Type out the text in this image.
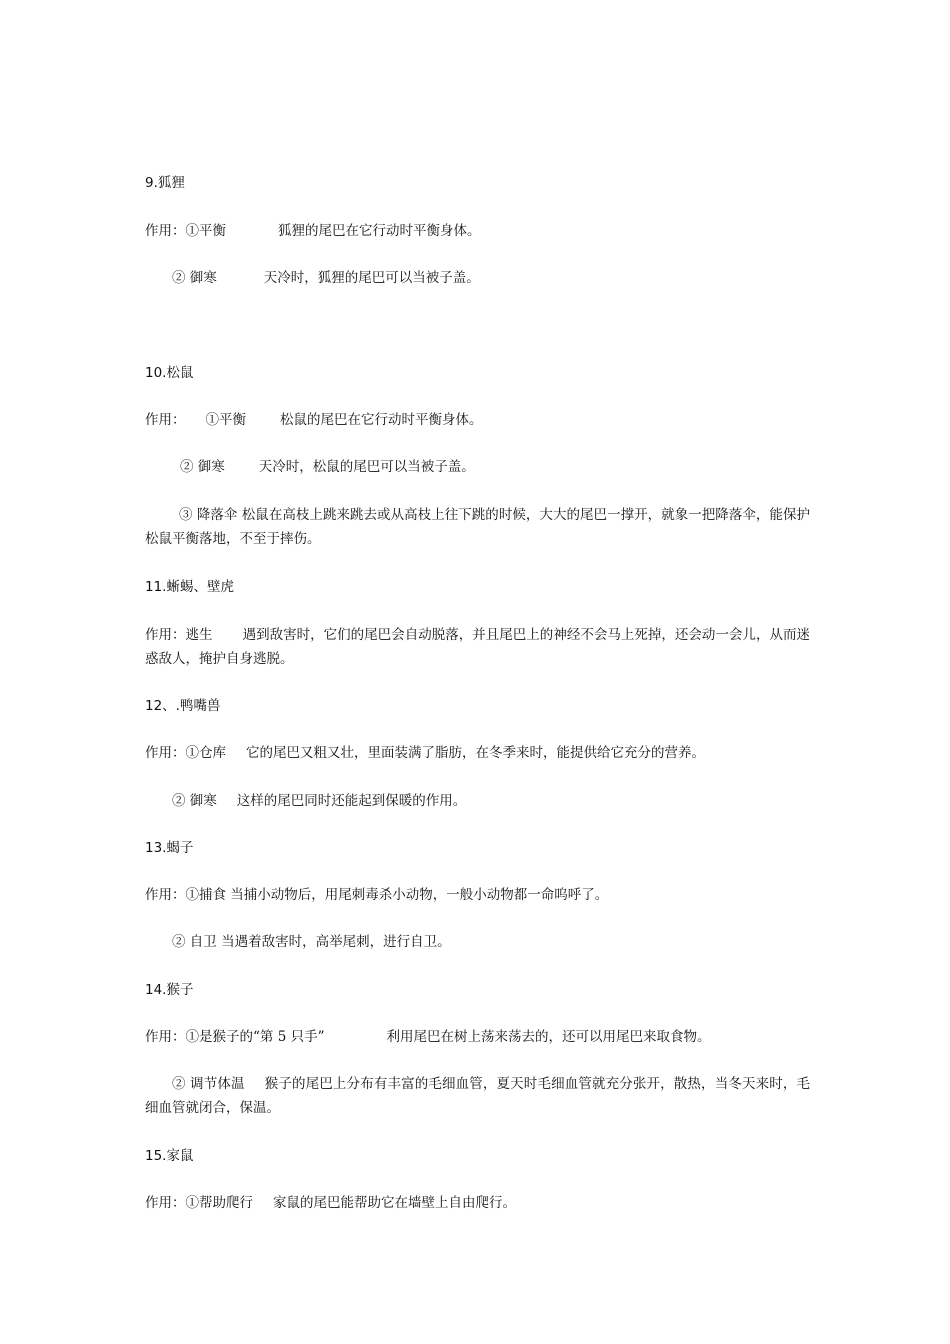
9.狐狸
作用：①平衡	狐狸的尾巴在它行动时平衡身体。
② 御寒	天冷时，狐狸的尾巴可以当被子盖。
10.松鼠
作用： ①平衡	松鼠的尾巴在它行动时平衡身体。
② 御寒	天冷时，松鼠的尾巴可以当被子盖。
③ 降落伞 松鼠在高枝上跳来跳去或从高枝上往下跳的时候，大大的尾巴一撑开，就象一把降落伞，能保护松鼠平衡落地，不至于摔伤。
11.蜥蜴、壁虎
作用：逃生 遇到敌害时，它们的尾巴会自动脱落，并且尾巴上的神经不会马上死掉，还会动一会儿，从而迷惑敌人，掩护自身逃脱。
12、.鸭嘴兽
作用：①仓库 它的尾巴又粗又壮，里面装满了脂肪，在冬季来时，能提供给它充分的营养。
② 御寒 这样的尾巴同时还能起到保暖的作用。
13.蝎子
作用：①捕食 当捕小动物后，用尾刺毒杀小动物，一般小动物都一命呜呼了。
② 自卫 当遇着敌害时，高举尾刺，进行自卫。
14.猴子
作用：①是猴子的“第 5 只手”	利用尾巴在树上荡来荡去的，还可以用尾巴来取食物。
② 调节体温 猴子的尾巴上分布有丰富的毛细血管，夏天时毛细血管就充分张开，散热，当冬天来时，毛细血管就闭合，保温。
15.家鼠
作用：①帮助爬行 家鼠的尾巴能帮助它在墙壁上自由爬行。
